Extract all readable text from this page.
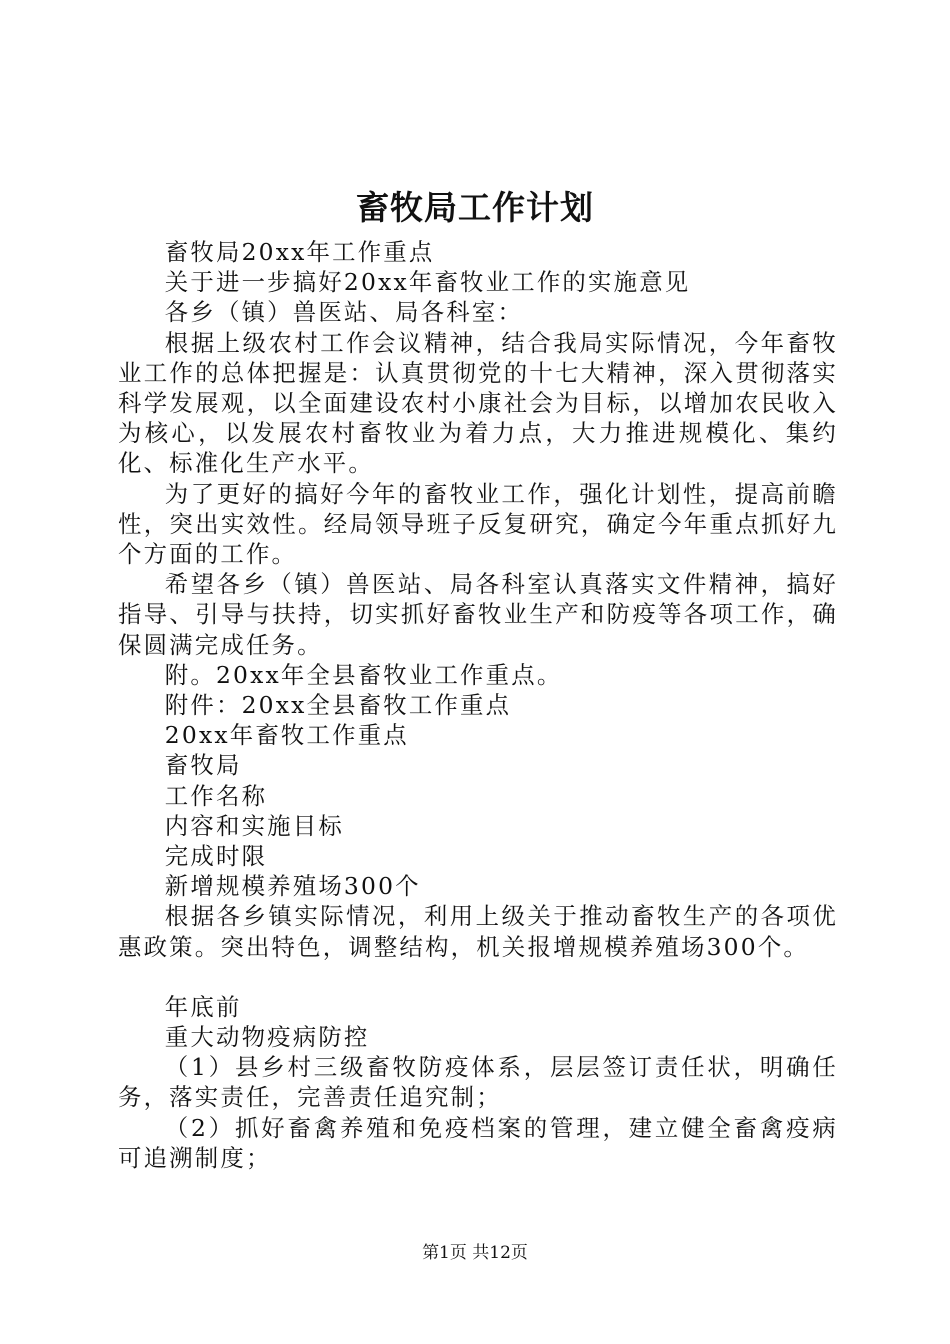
畜牧局工作计划

畜牧局20xx年工作重点

关于进一步搞好20xx年畜牧业工作的实施意见

各乡（镇）兽医站、局各科室：

根据上级农村工作会议精神，结合我局实际情况，今年畜牧业工作的总体把握是：认真贯彻党的十七大精神，深入贯彻落实科学发展观，以全面建设农村小康社会为目标，以增加农民收入为核心，以发展农村畜牧业为着力点，大力推进规模化、集约化、标准化生产水平。

为了更好的搞好今年的畜牧业工作，强化计划性，提高前瞻性，突出实效性。经局领导班子反复研究，确定今年重点抓好九个方面的工作。

希望各乡（镇）兽医站、局各科室认真落实文件精神，搞好指导、引导与扶持，切实抓好畜牧业生产和防疫等各项工作，确保圆满完成任务。

附。20xx年全县畜牧业工作重点。

附件：20xx全县畜牧工作重点

20xx年畜牧工作重点

畜牧局

工作名称

内容和实施目标

完成时限

新增规模养殖场300个

根据各乡镇实际情况，利用上级关于推动畜牧生产的各项优惠政策。突出特色，调整结构，机关报增规模养殖场300个。

年底前

重大动物疫病防控

（1）县乡村三级畜牧防疫体系，层层签订责任状，明确任务，落实责任，完善责任追究制；

（2）抓好畜禽养殖和免疫档案的管理，建立健全畜禽疫病可追溯制度；

第1页 共12页
